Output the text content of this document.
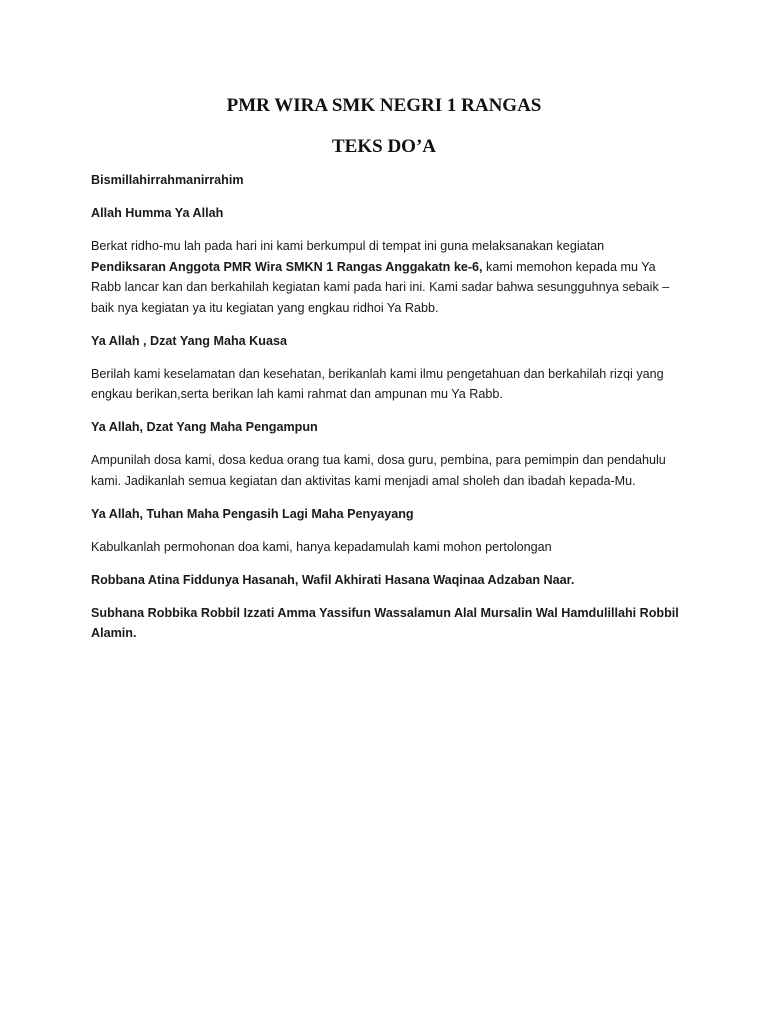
PMR WIRA SMK NEGRI 1 RANGAS
TEKS DO’A

Bismillahirrahmanirrahim

Allah Humma Ya Allah

Berkat ridho-mu lah pada hari ini kami berkumpul di tempat ini guna melaksanakan kegiatan Pendiksaran Anggota PMR Wira SMKN 1 Rangas Anggakatn ke-6, kami memohon kepada mu Ya Rabb lancar kan dan berkahilah kegiatan kami pada hari ini. Kami sadar bahwa sesungguhnya sebaik – baik nya kegiatan ya itu kegiatan yang engkau ridhoi Ya Rabb.

Ya Allah , Dzat Yang Maha Kuasa

Berilah kami keselamatan dan kesehatan, berikanlah kami ilmu pengetahuan dan berkahilah rizqi yang engkau berikan,serta berikan lah kami rahmat dan ampunan mu Ya Rabb.

Ya Allah, Dzat Yang Maha Pengampun

Ampunilah dosa kami, dosa kedua orang tua kami, dosa guru, pembina, para pemimpin dan pendahulu kami. Jadikanlah semua kegiatan dan aktivitas kami menjadi amal sholeh dan ibadah kepada-Mu.

Ya Allah, Tuhan Maha Pengasih Lagi Maha Penyayang

Kabulkanlah permohonan doa kami, hanya kepadamulah kami mohon pertolongan

Robbana Atina Fiddunya Hasanah, Wafil Akhirati Hasana Waqinaa Adzaban Naar.

Subhana Robbika Robbil Izzati Amma Yassifun Wassalamun Alal Mursalin Wal Hamdulillahi Robbil Alamin.
